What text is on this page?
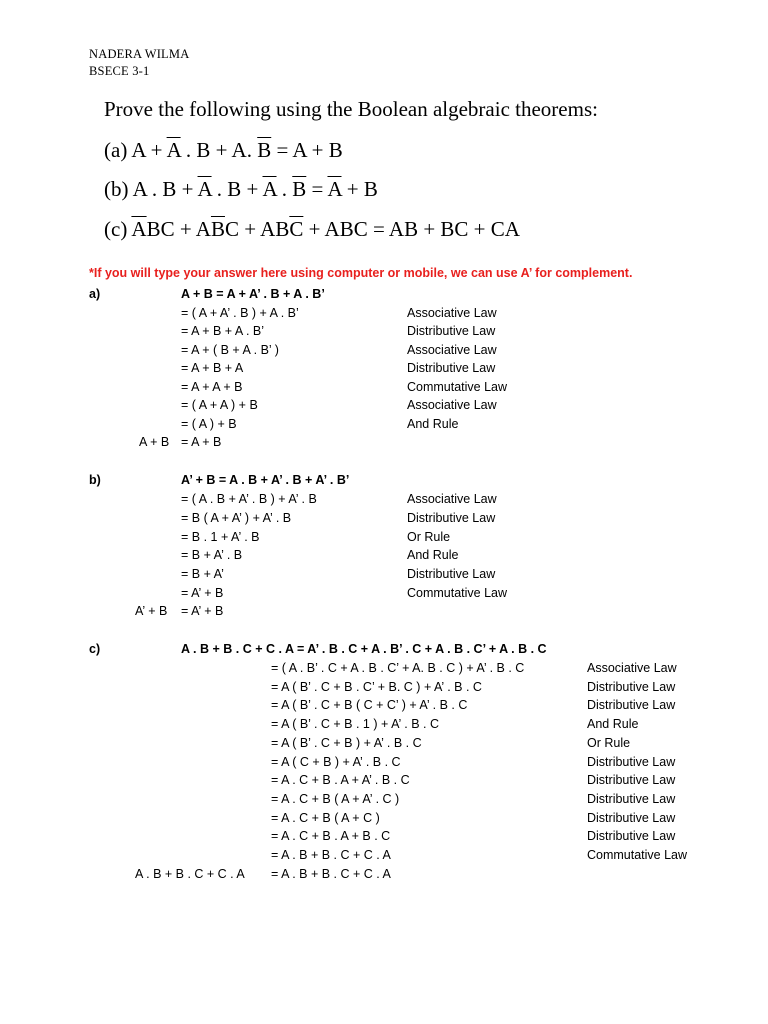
NADERA WILMA
BSECE 3-1
Prove the following using the Boolean algebraic theorems:
(a) $A + \overline{A}$ . B + A. $\overline{B} = A + B$
(b) A . $B + \overline{A}$ . $B + \overline{A}$ . $\overline{B} = \overline{A} + B$
(c) $\overline{A}BC + A\overline{B}C + AB\overline{C}$ + ABC = AB + BC + CA
*If you will type your answer here using computer or mobile, we can use A’ for complement.
a)	A + B = A + A’ . B + A . B’
= ( A + A’ . B ) + A . B’	Associative Law
= A + B + A . B’	Distributive Law
= A + ( B + A . B’ )	Associative Law
= A + B + A	Distributive Law
= A + A + B	Commutative Law
= ( A + A ) + B	Associative Law
= ( A ) + B	And Rule
A + B = A + B
b)	A’ + B = A . B + A’ . B + A’ . B’
= ( A . B + A’ . B ) + A’ . B	Associative Law
= B ( A + A’ ) + A’ . B	Distributive Law
= B . 1 + A’ . B	Or Rule
= B + A’ . B	And Rule
= B + A’	Distributive Law
= A’ + B	Commutative Law
A’ + B = A’ + B
c)	A . B + B . C + C . A = A’ . B . C + A . B’ . C + A . B . C’ + A . B . C
= ( A . B’ . C + A . B . C’ + A. B . C ) + A’ . B . C	Associative Law
= A ( B’ . C + B . C’ + B. C ) + A’ . B . C	Distributive Law
= A ( B’ . C + B ( C + C’ ) + A’ . B . C	Distributive Law
= A ( B’ . C + B . 1 ) + A’ . B . C	And Rule
= A ( B’ . C + B ) + A’ . B . C	Or Rule
= A ( C + B ) + A’ . B . C	Distributive Law
= A . C + B . A + A’ . B . C	Distributive Law
= A . C + B ( A + A’ . C )	Distributive Law
= A . C + B ( A + C )	Distributive Law
= A . C + B . A + B . C	Distributive Law
= A . B + B . C + C . A	Commutative Law
A . B + B . C + C . A = A . B + B . C + C . A
